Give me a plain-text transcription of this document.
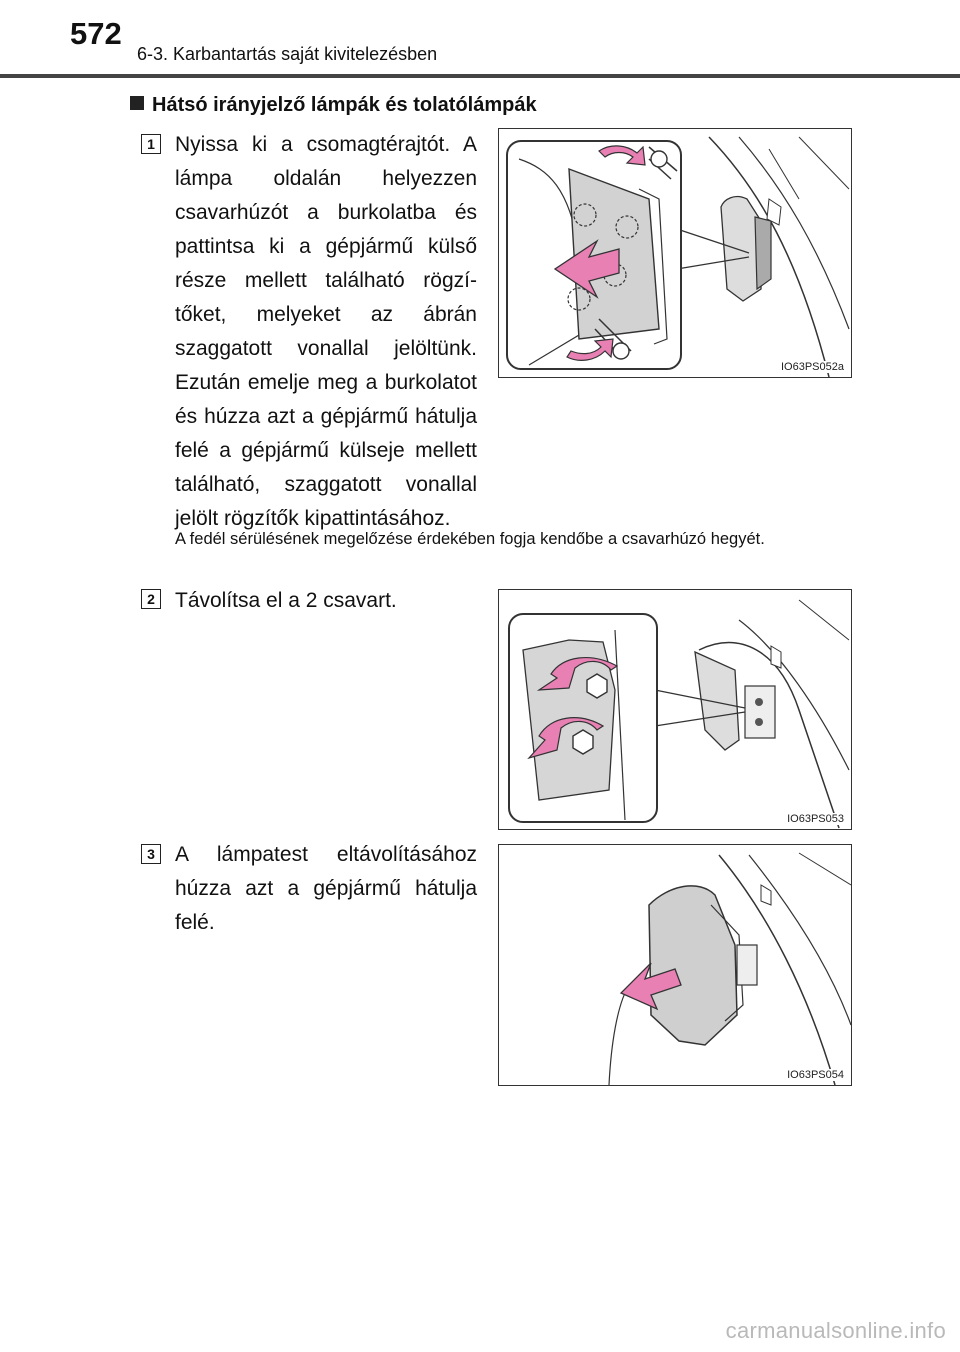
572
6-3. Karbantartás saját kivitelezésben
Hátsó irányjelző lámpák és tolatólámpák
1 Nyissa ki a csomagtérajtót. A lámpa oldalán helyezzen csavarhúzót a burkolatba és pattintsa ki a gépjármű külső része mellett található rögzítőket, melyeket az ábrán szaggatott vonallal jelöltünk. Ezután emelje meg a burkolatot és húzza azt a gépjármű hátulja felé a gépjármű külseje mellett található, szaggatott vonallal jelölt rögzítők kipattintásához.
IO63PS052a
A fedél sérülésének megelőzése érdekében fogja kendőbe a csavarhúzó hegyét.
2 Távolítsa el a 2 csavart.
IO63PS053
3 A lámpatest eltávolításához húzza azt a gépjármű hátulja felé.
IO63PS054
carmanualsonline.info
